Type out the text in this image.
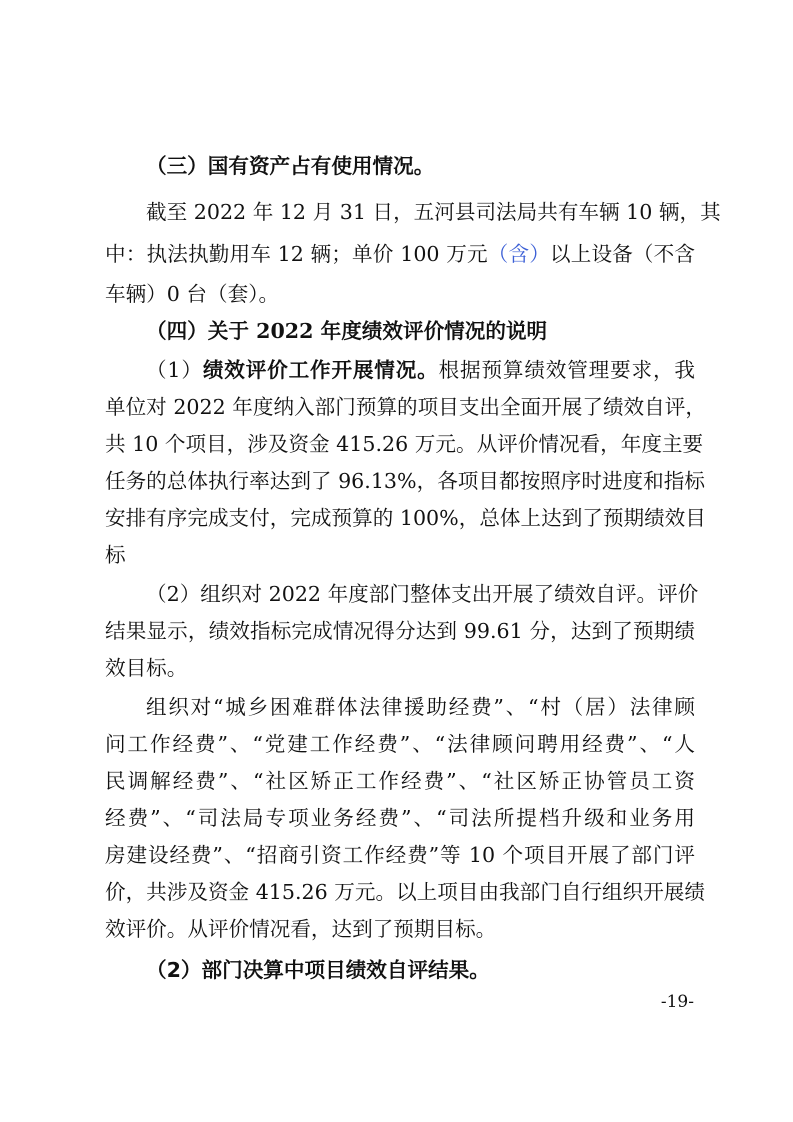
（三）国有资产占有使用情况。
截至 2022 年 12 月 31 日，五河县司法局共有车辆 10 辆，其
中：执法执勤用车 12 辆；单价 100 万元（含）以上设备（不含
车辆）0 台（套）。
（四）关于 2022 年度绩效评价情况的说明
（1）绩效评价工作开展情况。根据预算绩效管理要求，我
单位对 2022 年度纳入部门预算的项目支出全面开展了绩效自评，
共 10 个项目，涉及资金 415.26 万元。从评价情况看，年度主要
任务的总体执行率达到了 96.13%，各项目都按照序时进度和指标
安排有序完成支付，完成预算的 100%，总体上达到了预期绩效目
标
（2）组织对 2022 年度部门整体支出开展了绩效自评。评价
结果显示，绩效指标完成情况得分达到 99.61 分，达到了预期绩
效目标。
组织对“城乡困难群体法律援助经费”、“村（居）法律顾
问工作经费”、“党建工作经费”、“法律顾问聘用经费”、“人
民调解经费”、“社区矫正工作经费”、“社区矫正协管员工资
经费”、“司法局专项业务经费”、“司法所提档升级和业务用
房建设经费”、“招商引资工作经费”等 10 个项目开展了部门评
价，共涉及资金 415.26 万元。以上项目由我部门自行组织开展绩
效评价。从评价情况看，达到了预期目标。
（2）部门决算中项目绩效自评结果。
-19-
